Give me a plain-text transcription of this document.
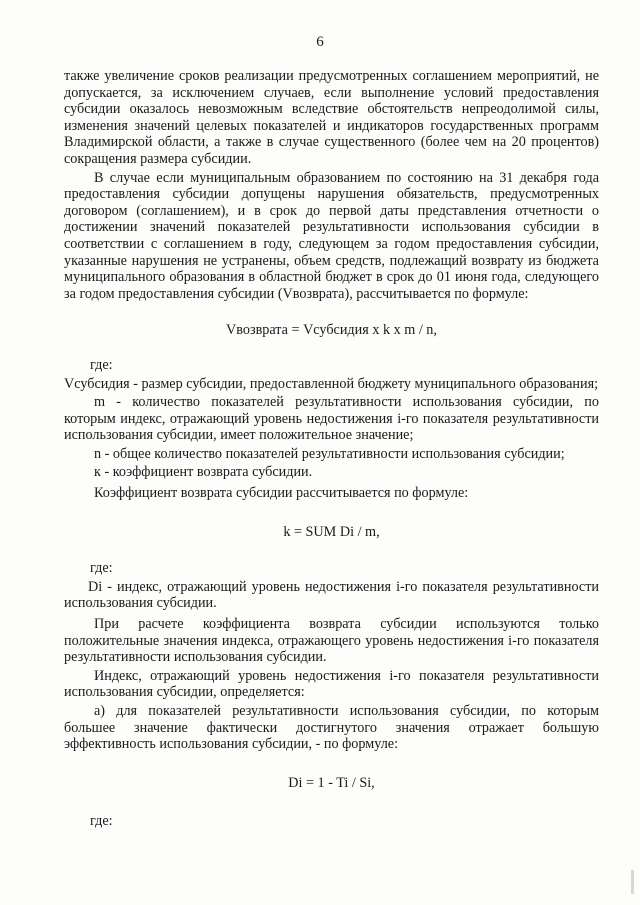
6

также увеличение сроков реализации предусмотренных соглашением мероприятий, не допускается, за исключением случаев, если выполнение условий предоставления субсидии оказалось невозможным вследствие обстоятельств непреодолимой силы, изменения значений целевых показателей и индикаторов государственных программ Владимирской области, а также в случае существенного (более чем на 20 процентов) сокращения размера субсидии.

В случае если муниципальным образованием по состоянию на 31 декабря года предоставления субсидии допущены нарушения обязательств, предусмотренных договором (соглашением), и в срок до первой даты представления отчетности о достижении значений показателей результативности использования субсидии в соответствии с соглашением в году, следующем за годом предоставления субсидии, указанные нарушения не устранены, объем средств, подлежащий возврату из бюджета муниципального образования в областной бюджет в срок до 01 июня года, следующего за годом предоставления субсидии (Vвозврата), рассчитывается по формуле:

Vвозврата = Vсубсидия x k x m / n,

где:

Vсубсидия - размер субсидии, предоставленной бюджету муниципального образования;

m - количество показателей результативности использования субсидии, по которым индекс, отражающий уровень недостижения i-го показателя результативности использования субсидии, имеет положительное значение;

n - общее количество показателей результативности использования субсидии;

к - коэффициент возврата субсидии.

Коэффициент возврата субсидии рассчитывается по формуле:

k = SUM Di / m,

где:

Di - индекс, отражающий уровень недостижения i-го показателя результативности использования субсидии.

При расчете коэффициента возврата субсидии используются только положительные значения индекса, отражающего уровень недостижения i-го показателя результативности использования субсидии.

Индекс, отражающий уровень недостижения i-го показателя результативности использования субсидии, определяется:

а) для показателей результативности использования субсидии, по которым большее значение фактически достигнутого значения отражает большую эффективность использования субсидии, - по формуле:

Di = 1 - Ti / Si,

где:
